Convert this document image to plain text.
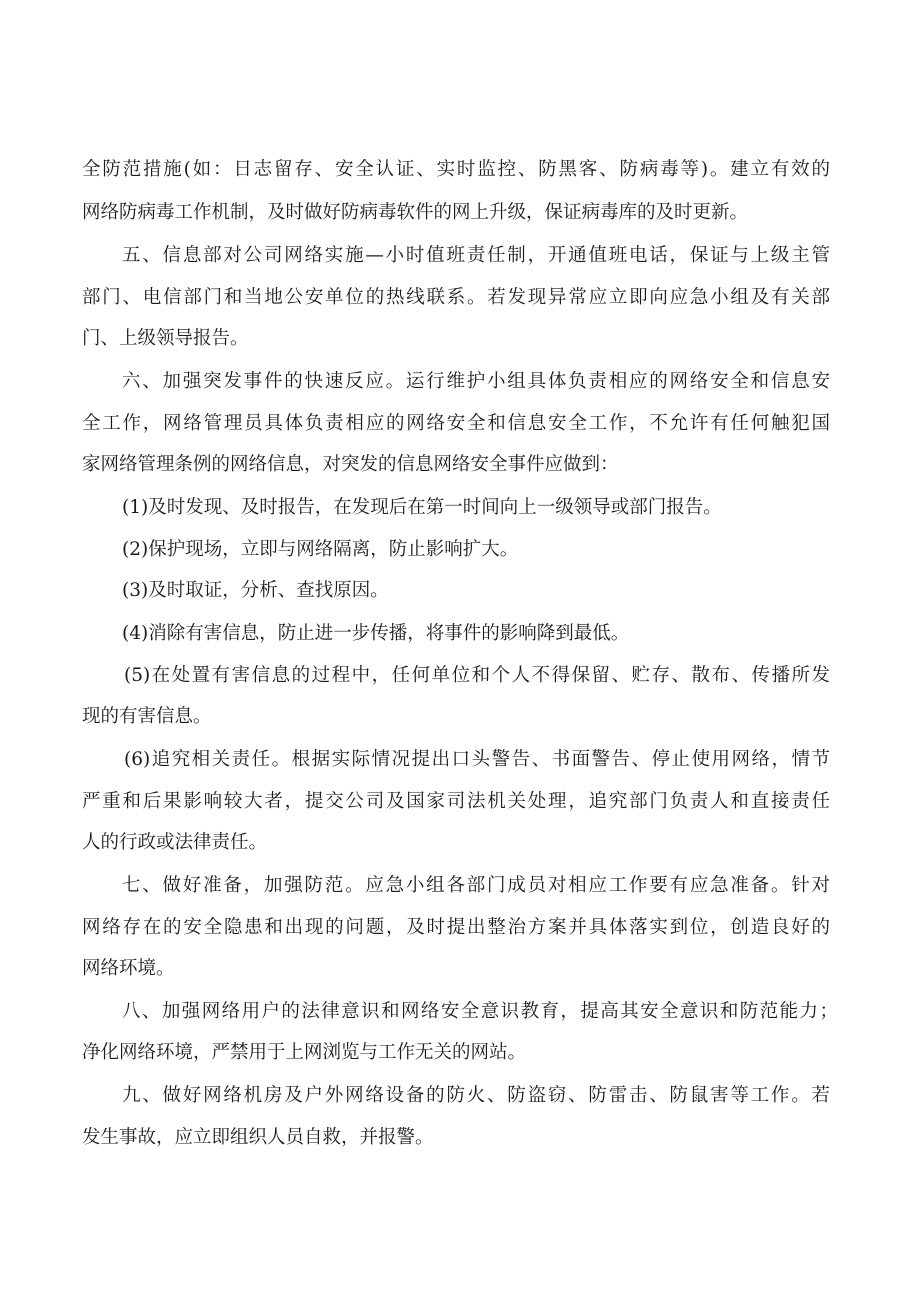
全防范措施(如：日志留存、安全认证、实时监控、防黑客、防病毒等)。建立有效的

网络防病毒工作机制，及时做好防病毒软件的网上升级，保证病毒库的及时更新。

五、信息部对公司网络实施—小时值班责任制，开通值班电话，保证与上级主管

部门、电信部门和当地公安单位的热线联系。若发现异常应立即向应急小组及有关部

门、上级领导报告。

六、加强突发事件的快速反应。运行维护小组具体负责相应的网络安全和信息安

全工作，网络管理员具体负责相应的网络安全和信息安全工作，不允许有任何触犯国

家网络管理条例的网络信息，对突发的信息网络安全事件应做到：

(1)及时发现、及时报告，在发现后在第一时间向上一级领导或部门报告。

(2)保护现场，立即与网络隔离，防止影响扩大。

(3)及时取证，分析、查找原因。

(4)消除有害信息，防止进一步传播，将事件的影响降到最低。

(5)在处置有害信息的过程中，任何单位和个人不得保留、贮存、散布、传播所发

现的有害信息。

(6)追究相关责任。根据实际情况提出口头警告、书面警告、停止使用网络，情节

严重和后果影响较大者，提交公司及国家司法机关处理，追究部门负责人和直接责任

人的行政或法律责任。

七、做好准备，加强防范。应急小组各部门成员对相应工作要有应急准备。针对

网络存在的安全隐患和出现的问题，及时提出整治方案并具体落实到位，创造良好的

网络环境。

八、加强网络用户的法律意识和网络安全意识教育，提高其安全意识和防范能力；

净化网络环境，严禁用于上网浏览与工作无关的网站。

九、做好网络机房及户外网络设备的防火、防盗窃、防雷击、防鼠害等工作。若

发生事故，应立即组织人员自救，并报警。
